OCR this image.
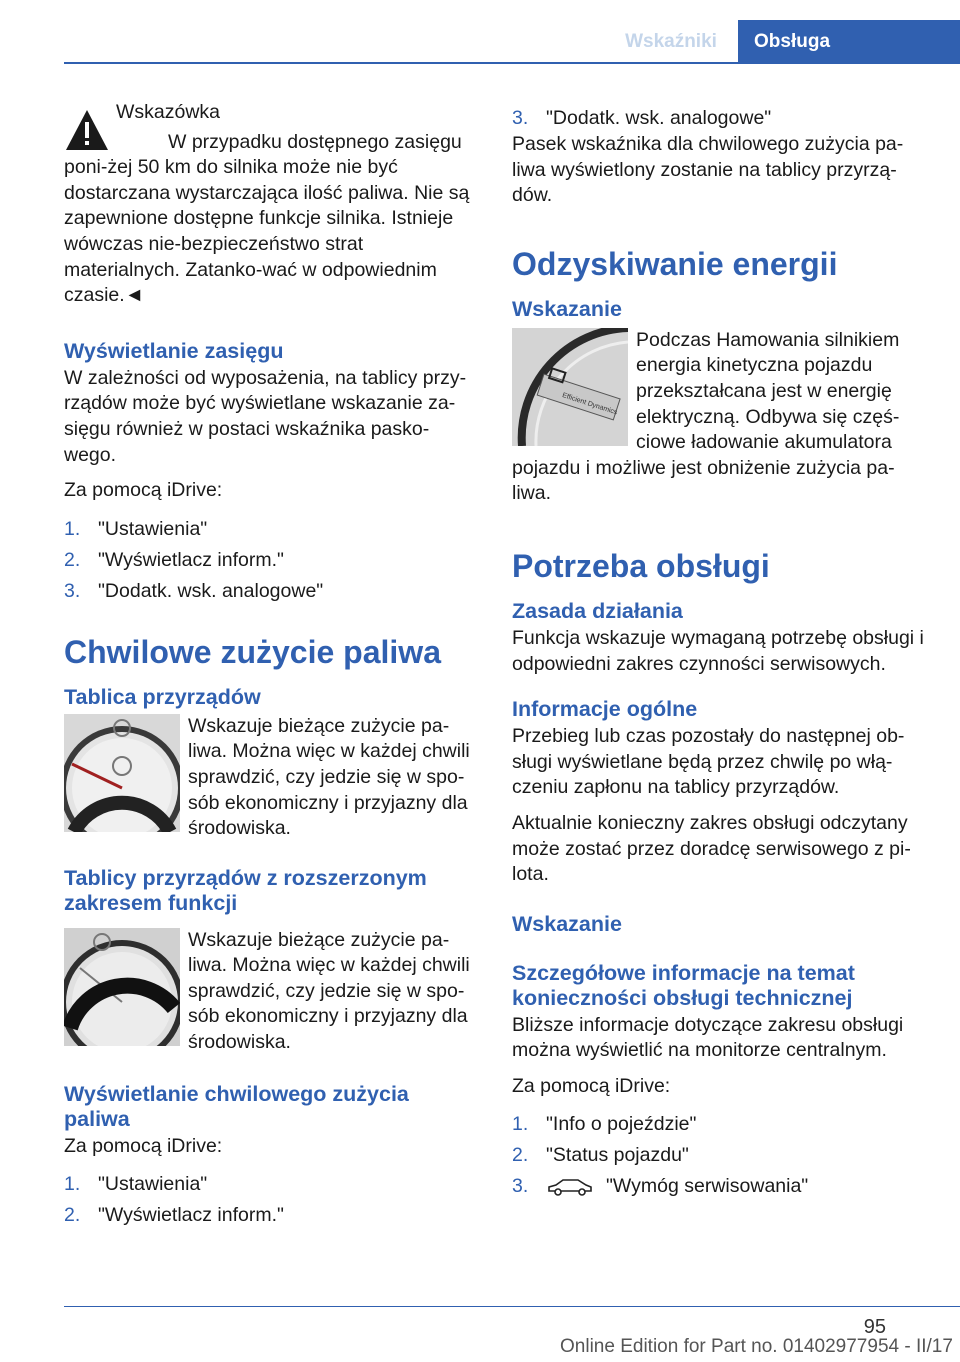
Wskaźniki	Obsługa
Wskazówka
W przypadku dostępnego zasięgu poni-żej 50 km do silnika może nie być dostarczana wystarczająca ilość paliwa. Nie są zapewnione dostępne funkcje silnika. Istnieje wówczas nie-bezpieczeństwo strat materialnych. Zatanko-wać w odpowiednim czasie.◄
Wyświetlanie zasięgu

W zależności od wyposażenia, na tablicy przy-rządów może być wyświetlane wskazanie za-sięgu również w postaci wskaźnika pasko-wego.

Za pomocą iDrive:

1. "Ustawienia"
2. "Wyświetlacz inform."
3. "Dodatk. wsk. analogowe"
Chwilowe zużycie paliwa
Tablica przyrządów
Wskazuje bieżące zużycie pa-liwa. Można więc w każdej chwili sprawdzić, czy jedzie się w spo-sób ekonomiczny i przyjazny dla środowiska.
Tablicy przyrządów z rozszerzonym zakresem funkcji
Wskazuje bieżące zużycie pa-liwa. Można więc w każdej chwili sprawdzić, czy jedzie się w spo-sób ekonomiczny i przyjazny dla środowiska.
Wyświetlanie chwilowego zużycia paliwa

Za pomocą iDrive:

1. "Ustawienia"
2. "Wyświetlacz inform."
3. "Dodatk. wsk. analogowe"

Pasek wskaźnika dla chwilowego zużycia pa-liwa wyświetlony zostanie na tablicy przyrzą-dów.

Odzyskiwanie energii
Wskazanie
Efficient Dynamics
Podczas Hamowania silnikiem energia kinetyczna pojazdu przekształcana jest w energię elektryczną. Odbywa się częś-ciowe ładowanie akumulatora pojazdu i możliwe jest obniżenie zużycia pa-liwa.
Potrzeba obsługi
Zasada działania

Funkcja wskazuje wymaganą potrzebę obsługi i odpowiedni zakres czynności serwisowych.

Informacje ogólne

Przebieg lub czas pozostały do następnej ob-sługi wyświetlane będą przez chwilę po włą-czeniu zapłonu na tablicy przyrządów.

Aktualnie konieczny zakres obsługi odczytany może zostać przez doradcę serwisowego z pi-lota.

Wskazanie
Szczegółowe informacje na temat konieczności obsługi technicznej

Bliższe informacje dotyczące zakresu obsługi można wyświetlić na monitorze centralnym.

Za pomocą iDrive:

1. "Info o pojeździe"
2. "Status pojazdu"
3.	"Wymóg serwisowania"
95
Online Edition for Part no. 01402977954 - II/17
